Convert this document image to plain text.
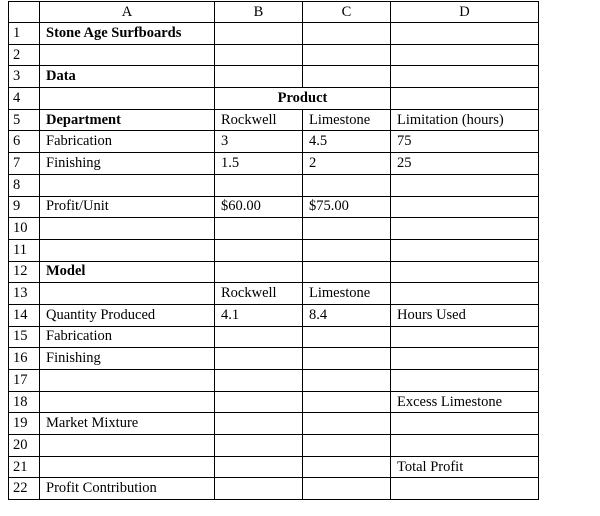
	A	B	C	D
1	Stone Age Surfboards			
2				
3	Data			
4		Product		
5	Department	Rockwell	Limestone	Limitation (hours)
6	Fabrication	3	4.5	75
7	Finishing	1.5	2	25
8				
9	Profit/Unit	$60.00	$75.00	
10				
11				
12	Model			
13		Rockwell	Limestone	
14	Quantity Produced	4.1	8.4	Hours Used
15	Fabrication			
16	Finishing			
17				
18				Excess Limestone
19	Market Mixture			
20				
21				Total Profit
22	Profit Contribution			
